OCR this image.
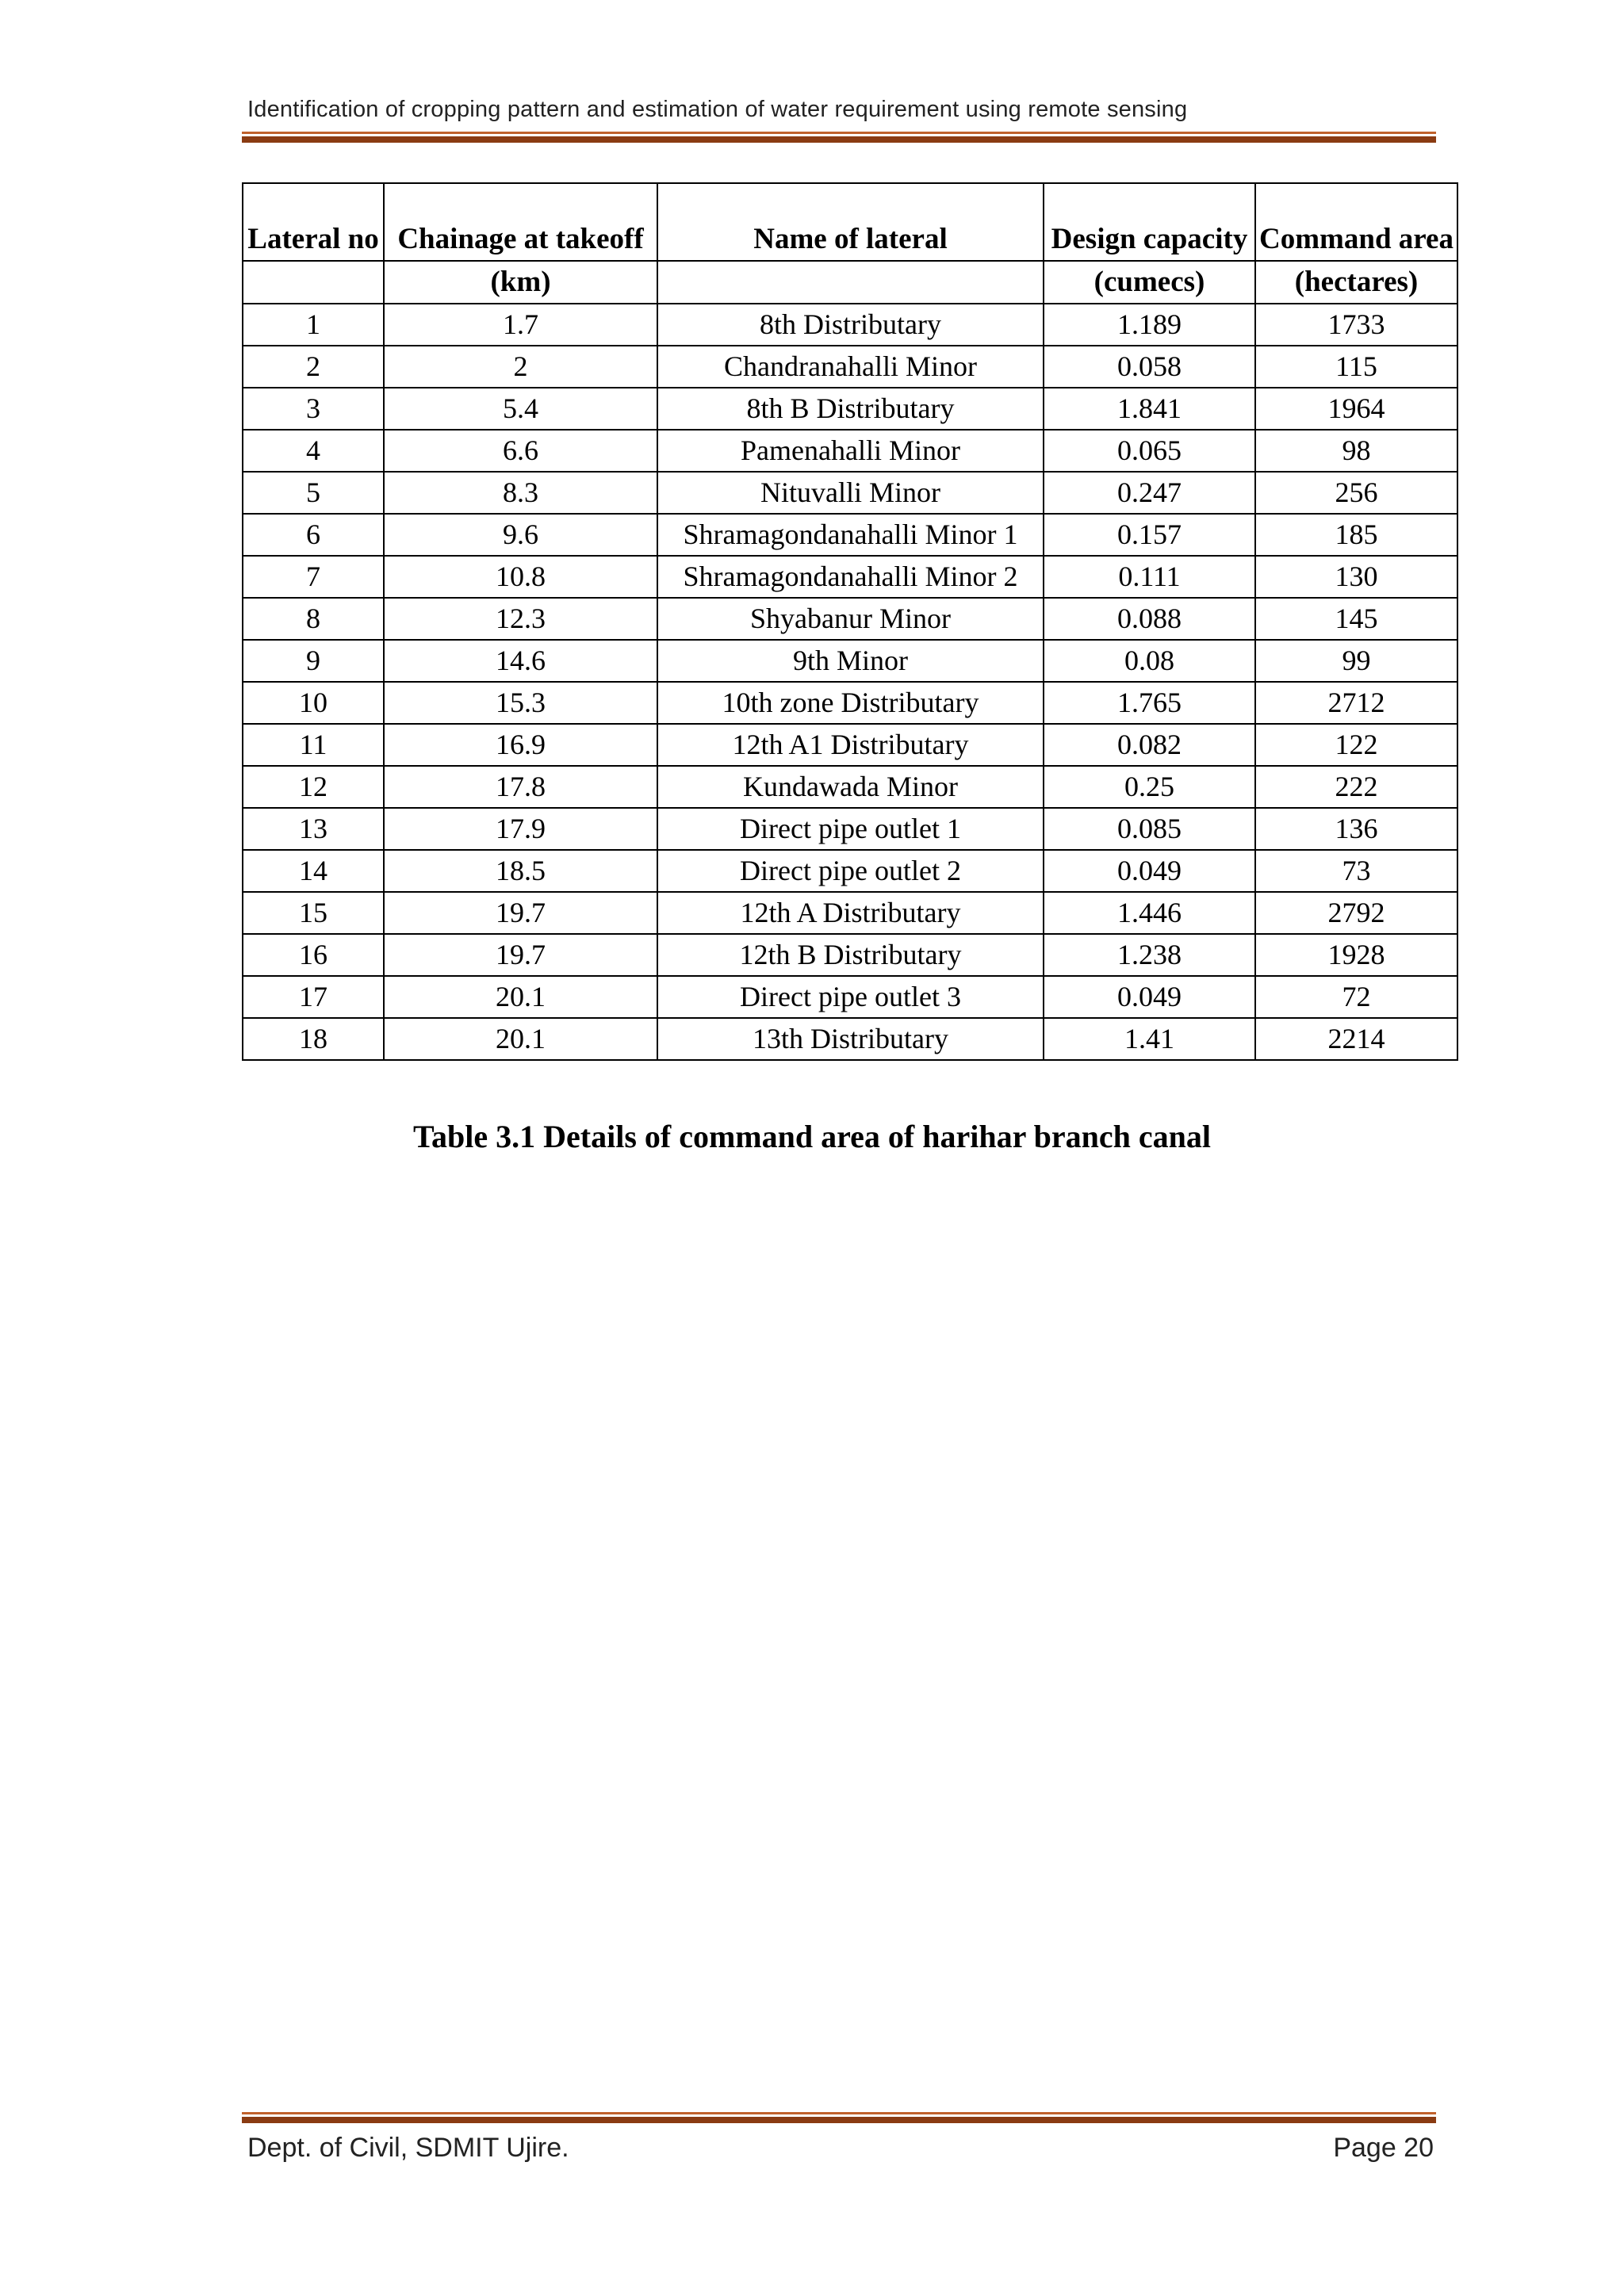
Identification of cropping pattern and estimation of water requirement using remote sensing
Lateral no	Chainage at takeoff	Name of lateral	Design capacity	Command area
	(km)		(cumecs)	(hectares)
1	1.7	8th Distributary	1.189	1733
2	2	Chandranahalli Minor	0.058	115
3	5.4	8th B Distributary	1.841	1964
4	6.6	Pamenahalli Minor	0.065	98
5	8.3	Nituvalli Minor	0.247	256
6	9.6	Shramagondanahalli Minor 1	0.157	185
7	10.8	Shramagondanahalli Minor 2	0.111	130
8	12.3	Shyabanur Minor	0.088	145
9	14.6	9th Minor	0.08	99
10	15.3	10th zone Distributary	1.765	2712
11	16.9	12th A1 Distributary	0.082	122
12	17.8	Kundawada Minor	0.25	222
13	17.9	Direct pipe outlet 1	0.085	136
14	18.5	Direct pipe outlet 2	0.049	73
15	19.7	12th A Distributary	1.446	2792
16	19.7	12th B Distributary	1.238	1928
17	20.1	Direct pipe outlet 3	0.049	72
18	20.1	13th Distributary	1.41	2214
Table 3.1 Details of command area of harihar branch canal
Dept. of Civil, SDMIT Ujire.	Page 20
